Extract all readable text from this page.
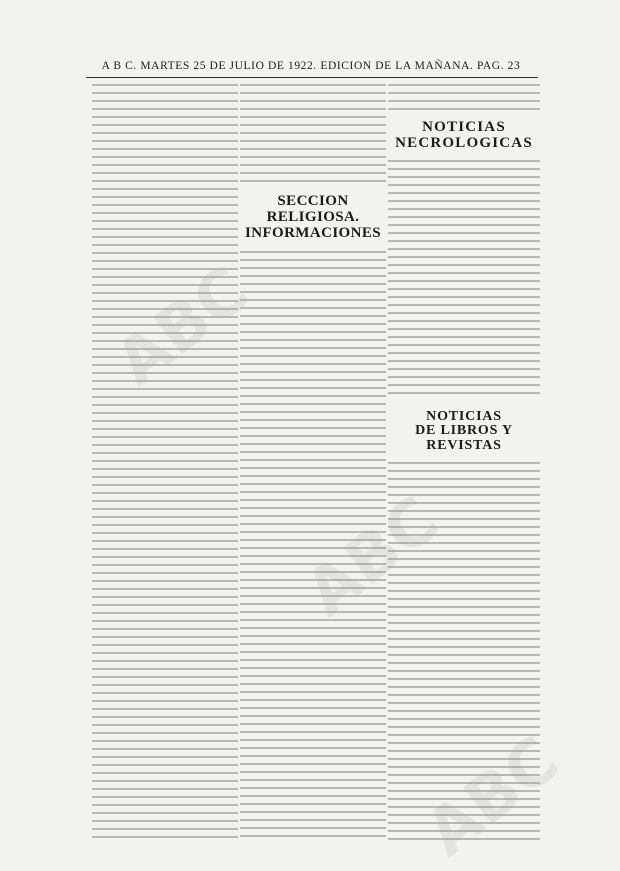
A B C. MARTES 25 DE JULIO DE 1922. EDICION DE LA MAÑANA. PAG. 23
SECCION RELIGIOSA.
INFORMACIONES
NOTICIAS
NECROLOGICAS
NOTICIAS
DE LIBROS Y REVISTAS
